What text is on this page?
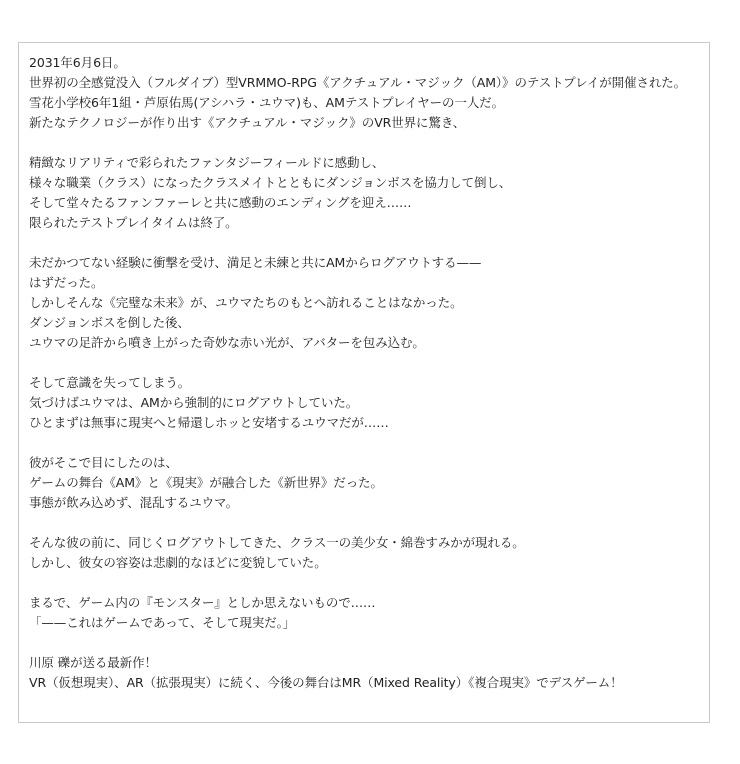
2031年6月6日。
世界初の全感覚没入（フルダイブ）型VRMMO-RPG《アクチュアル・マジック（AM）》のテストプレイが開催された。
雪花小学校6年1組・芦原佑馬(アシハラ・ユウマ)も、AMテストプレイヤーの一人だ。
新たなテクノロジーが作り出す《アクチュアル・マジック》のVR世界に驚き、
精緻なリアリティで彩られたファンタジーフィールドに感動し、
様々な職業（クラス）になったクラスメイトとともにダンジョンボスを協力して倒し、
そして堂々たるファンファーレと共に感動のエンディングを迎え……
限られたテストプレイタイムは終了。
未だかつてない経験に衝撃を受け、満足と未練と共にAMからログアウトする——
はずだった。
しかしそんな《完璧な未来》が、ユウマたちのもとへ訪れることはなかった。
ダンジョンボスを倒した後、
ユウマの足許から噴き上がった奇妙な赤い光が、アバターを包み込む。
そして意識を失ってしまう。
気づけばユウマは、AMから強制的にログアウトしていた。
ひとまずは無事に現実へと帰還しホッと安堵するユウマだが……
彼がそこで目にしたのは、
ゲームの舞台《AM》と《現実》が融合した《新世界》だった。
事態が飲み込めず、混乱するユウマ。
そんな彼の前に、同じくログアウトしてきた、クラス一の美少女・綿巻すみかが現れる。
しかし、彼女の容姿は悲劇的なほどに変貌していた。
まるで、ゲーム内の『モンスター』としか思えないもので……
「——これはゲームであって、そして現実だ。」
川原 礫が送る最新作！
VR（仮想現実）、AR（拡張現実）に続く、今後の舞台はMR（Mixed Reality）《複合現実》でデスゲーム！
